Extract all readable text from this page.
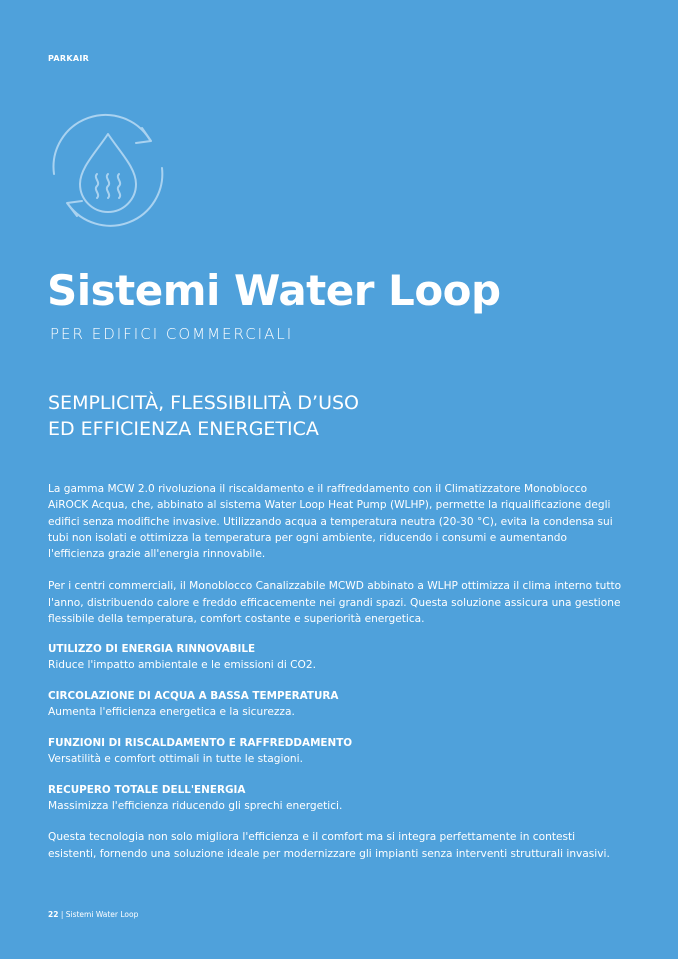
PARKAIR
Sistemi Water Loop
PER EDIFICI COMMERCIALI
SEMPLICITÀ, FLESSIBILITÀ D’USO
ED EFFICIENZA ENERGETICA

La gamma MCW 2.0 rivoluziona il riscaldamento e il raffreddamento con il Climatizzatore Monoblocco AiROCK Acqua, che, abbinato al sistema Water Loop Heat Pump (WLHP), permette la riqualificazione degli edifici senza modifiche invasive. Utilizzando acqua a temperatura neutra (20-30 °C), evita la condensa sui tubi non isolati e ottimizza la temperatura per ogni ambiente, riducendo i consumi e aumentando l'efficienza grazie all'energia rinnovabile.

Per i centri commerciali, il Monoblocco Canalizzabile MCWD abbinato a WLHP ottimizza il clima interno tutto l'anno, distribuendo calore e freddo efficacemente nei grandi spazi. Questa soluzione assicura una gestione flessibile della temperatura, comfort costante e superiorità energetica.

UTILIZZO DI ENERGIA RINNOVABILE
Riduce l'impatto ambientale e le emissioni di CO2.
CIRCOLAZIONE DI ACQUA A BASSA TEMPERATURA
Aumenta l'efficienza energetica e la sicurezza.
FUNZIONI DI RISCALDAMENTO E RAFFREDDAMENTO
Versatilità e comfort ottimali in tutte le stagioni.
RECUPERO TOTALE DELL'ENERGIA
Massimizza l'efficienza riducendo gli sprechi energetici.

Questa tecnologia non solo migliora l'efficienza e il comfort ma si integra perfettamente in contesti esistenti, fornendo una soluzione ideale per modernizzare gli impianti senza interventi strutturali invasivi.

22 | Sistemi Water Loop
